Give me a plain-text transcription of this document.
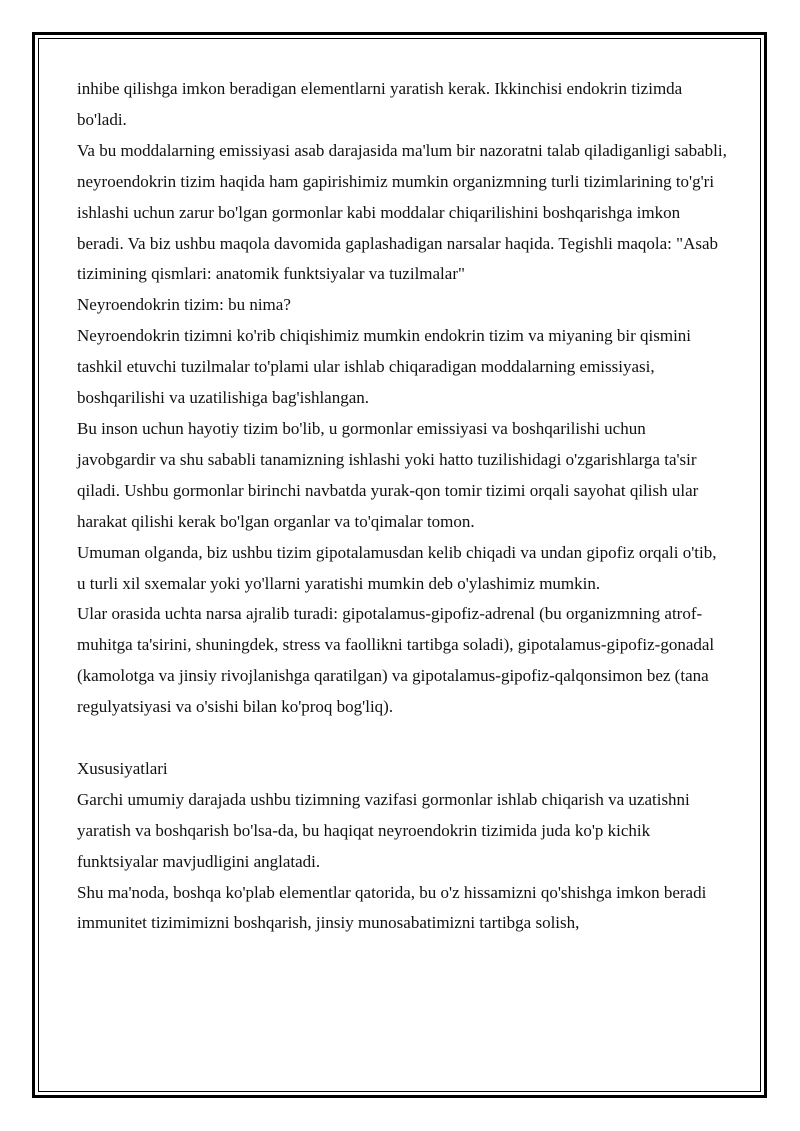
inhibe qilishga imkon beradigan elementlarni yaratish kerak. Ikkinchisi endokrin tizimda bo'ladi.

Va bu moddalarning emissiyasi asab darajasida ma'lum bir nazoratni talab qiladiganligi sababli, neyroendokrin tizim haqida ham gapirishimiz mumkin organizmning turli tizimlarining to'g'ri ishlashi uchun zarur bo'lgan gormonlar kabi moddalar chiqarilishini boshqarishga imkon beradi. Va biz ushbu maqola davomida gaplashadigan narsalar haqida. Tegishli maqola: "Asab tizimining qismlari: anatomik funktsiyalar va tuzilmalar"

Neyroendokrin tizim: bu nima?

Neyroendokrin tizimni ko'rib chiqishimiz mumkin endokrin tizim va miyaning bir qismini tashkil etuvchi tuzilmalar to'plami ular ishlab chiqaradigan moddalarning emissiyasi, boshqarilishi va uzatilishiga bag'ishlangan.

Bu inson uchun hayotiy tizim bo'lib, u gormonlar emissiyasi va boshqarilishi uchun javobgardir va shu sababli tanamizning ishlashi yoki hatto tuzilishidagi o'zgarishlarga ta'sir qiladi. Ushbu gormonlar birinchi navbatda yurak-qon tomir tizimi orqali sayohat qilish ular harakat qilishi kerak bo'lgan organlar va to'qimalar tomon.

Umuman olganda, biz ushbu tizim gipotalamusdan kelib chiqadi va undan gipofiz orqali o'tib, u turli xil sxemalar yoki yo'llarni yaratishi mumkin deb o'ylashimiz mumkin.

Ular orasida uchta narsa ajralib turadi: gipotalamus-gipofiz-adrenal (bu organizmning atrof-muhitga ta'sirini, shuningdek, stress va faollikni tartibga soladi), gipotalamus-gipofiz-gonadal (kamolotga va jinsiy rivojlanishga qaratilgan) va gipotalamus-gipofiz-qalqonsimon bez (tana regulyatsiyasi va o'sishi bilan ko'proq bog'liq).

Xususiyatlari

Garchi umumiy darajada ushbu tizimning vazifasi gormonlar ishlab chiqarish va uzatishni yaratish va boshqarish bo'lsa-da, bu haqiqat neyroendokrin tizimida juda ko'p kichik funktsiyalar mavjudligini anglatadi.

Shu ma'noda, boshqa ko'plab elementlar qatorida, bu o'z hissamizni qo'shishga imkon beradi immunitet tizimimizni boshqarish, jinsiy munosabatimizni tartibga solish,
